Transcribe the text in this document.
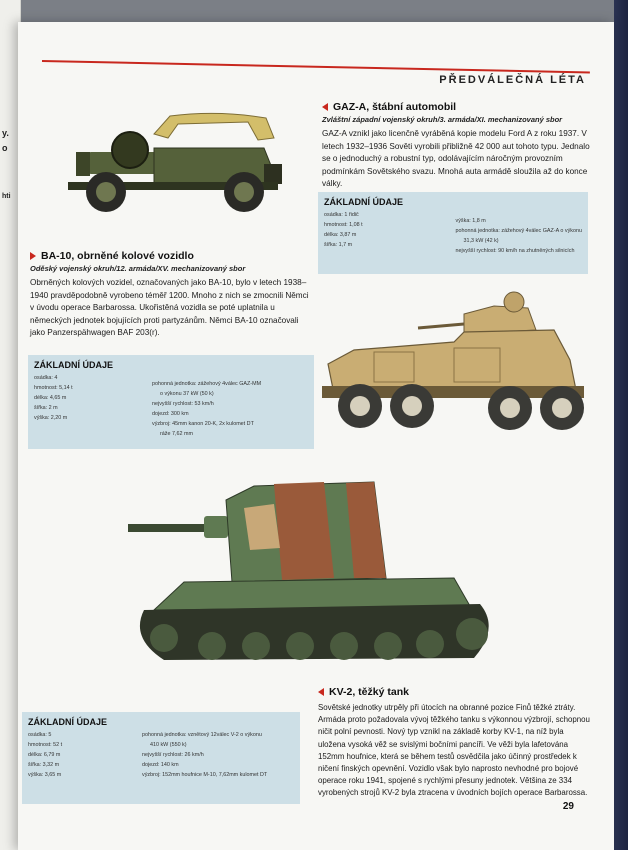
y.
o
hti
PŘEDVÁLEČNÁ LÉTA
GAZ-A, štábní automobil
Zvláštní západní vojenský okruh/3. armáda/XI. mechanizovaný sbor
GAZ-A vznikl jako licenčně vyráběná kopie modelu Ford A z roku 1937. V letech 1932–1936 Sověti vyrobili přibližně 42 000 aut tohoto typu. Jednalo se o jednoduchý a robustní typ, odolávajícím náročným provozním podmínkám Sovětského svazu. Mnohá auta armádě sloužila až do konce války.
ZÁKLADNÍ ÚDAJE
osádka: 1 řidič
hmotnost: 1,08 t
délka: 3,87 m
šířka: 1,7 m
výška: 1,8 m
pohonná jednotka: zážehový 4válec GAZ-A o výkonu
31,3 kW (42 k)
nejvyšší rychlost: 90 km/h na zhutněných silnicích
BA-10, obrněné kolové vozidlo
Oděský vojenský okruh/12. armáda/XV. mechanizovaný sbor
Obrněných kolových vozidel, označovaných jako BA-10, bylo v letech 1938–1940 pravděpodobně vyrobeno téměř 1200. Mnoho z nich se zmocnili Němci v úvodu operace Barbarossa. Ukořistěná vozidla se poté uplatnila u německých jednotek bojujících proti partyzánům. Němci BA-10 označovali jako Panzerspähwagen BAF 203(r).
ZÁKLADNÍ ÚDAJE
osádka: 4
hmotnost: 5,14 t
délka: 4,65 m
šířka: 2 m
výška: 2,20 m
pohonná jednotka: zážehový 4válec GAZ-MM
o výkonu 37 kW (50 k)
nejvyšší rychlost: 53 km/h
dojezd: 300 km
výzbroj: 45mm kanon 20-K, 2x kulomet DT
ráže 7,62 mm
KV-2, těžký tank
Sovětské jednotky utrpěly při útocích na obranné pozice Finů těžké ztráty. Armáda proto požadovala vývoj těžkého tanku s výkonnou výzbrojí, schopnou ničit polní pevnosti. Nový typ vznikl na základě korby KV-1, na níž byla uložena vysoká věž se svislými bočními pancíři. Ve věži byla lafetována 152mm houfnice, která se během testů osvědčila jako účinný prostředek k ničení finských opevnění. Vozidlo však bylo naprosto nevhodné pro bojové operace roku 1941, spojené s rychlými přesuny jednotek. Většina ze 334 vyrobených strojů KV-2 byla ztracena v úvodních bojích operace Barbarossa.
ZÁKLADNÍ ÚDAJE
osádka: 5
hmotnost: 52 t
délka: 6,79 m
šířka: 3,32 m
výška: 3,65 m
pohonná jednotka: vznětový 12válec V-2 o výkonu
410 kW (550 k)
nejvyšší rychlost: 26 km/h
dojezd: 140 km
výzbroj: 152mm houfnice M-10, 7,62mm kulomet DT
29
